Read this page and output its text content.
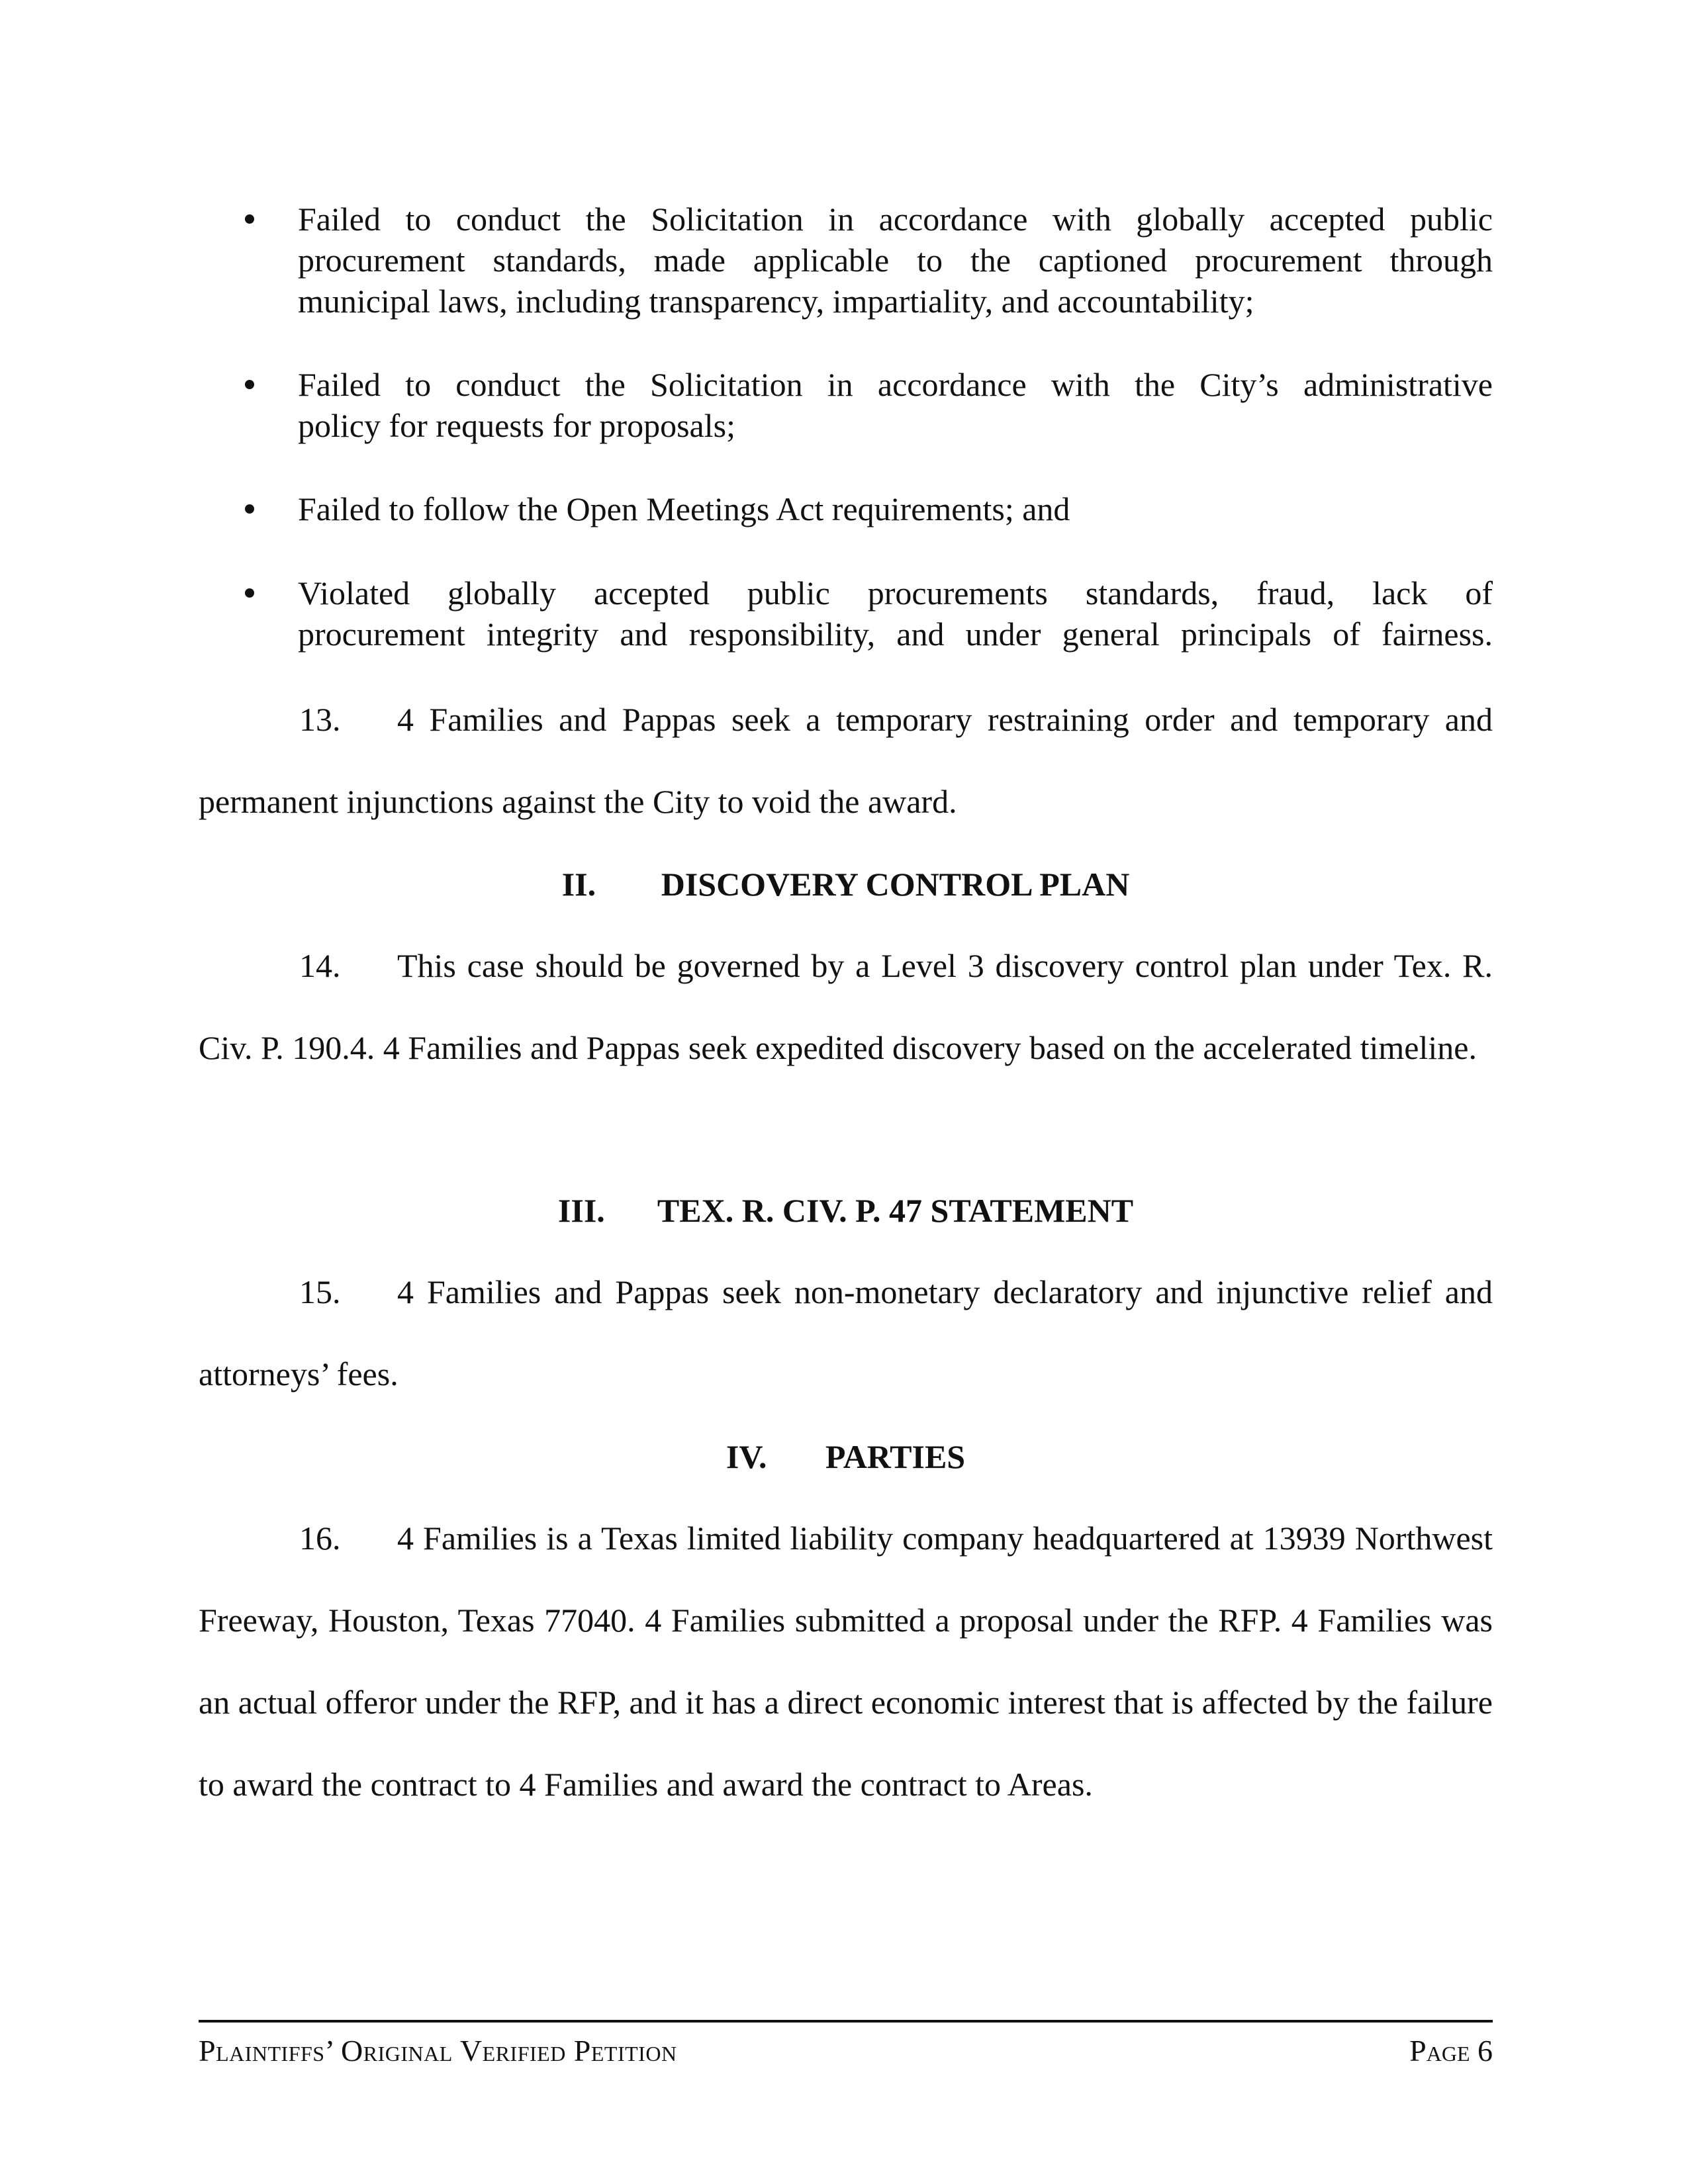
Failed to conduct the Solicitation in accordance with globally accepted public
procurement standards, made applicable to the captioned procurement through
municipal laws, including transparency, impartiality, and accountability;
Failed to conduct the Solicitation in accordance with the City’s administrative
policy for requests for proposals;
Failed to follow the Open Meetings Act requirements; and
Violated globally accepted public procurements standards, fraud, lack of
procurement integrity and responsibility, and under general principals of fairness.
13. 4 Families and Pappas seek a temporary restraining order and temporary and permanent injunctions against the City to void the award.
II. DISCOVERY CONTROL PLAN
14. This case should be governed by a Level 3 discovery control plan under Tex. R. Civ. P. 190.4. 4 Families and Pappas seek expedited discovery based on the accelerated timeline.
III. TEX. R. CIV. P. 47 STATEMENT
15. 4 Families and Pappas seek non-monetary declaratory and injunctive relief and attorneys’ fees.
IV. PARTIES
16. 4 Families is a Texas limited liability company headquartered at 13939 Northwest Freeway, Houston, Texas 77040. 4 Families submitted a proposal under the RFP. 4 Families was an actual offeror under the RFP, and it has a direct economic interest that is affected by the failure to award the contract to 4 Families and award the contract to Areas.
Plaintiffs’ Original Verified Petition	Page 6
